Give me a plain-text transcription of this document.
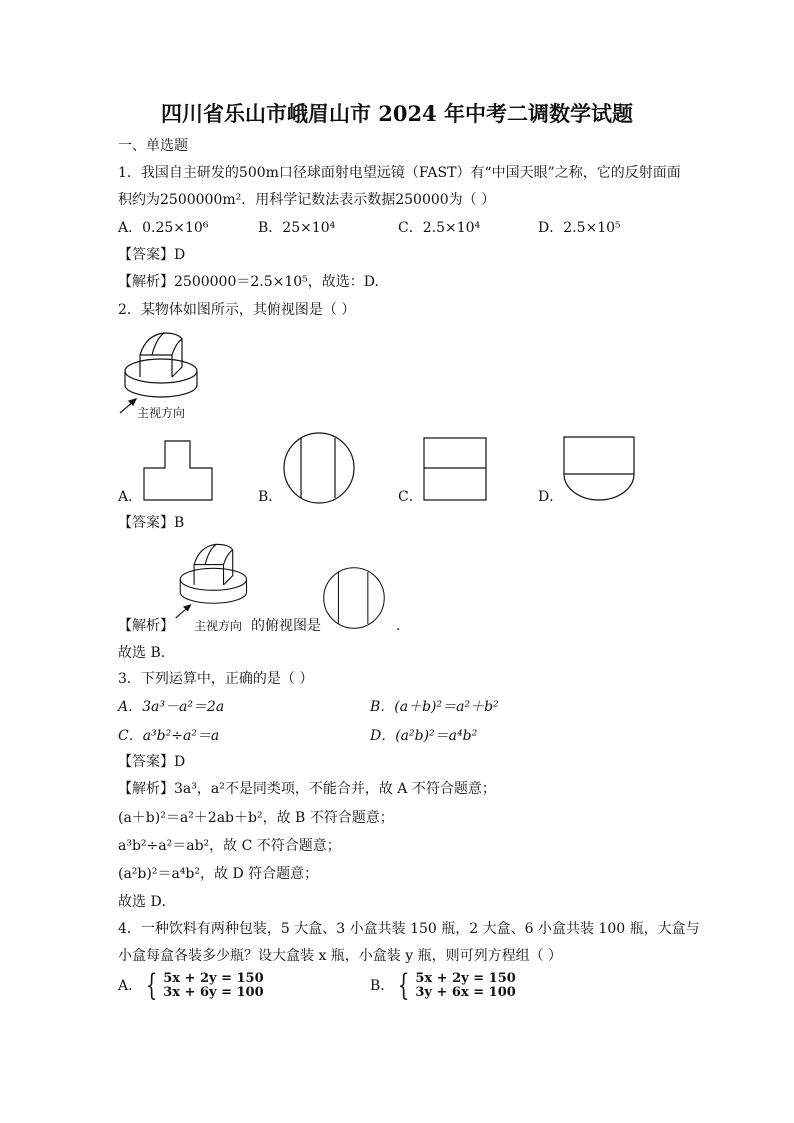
四川省乐山市峨眉山市 2024 年中考二调数学试题
一、单选题
1．我国自主研发的500m口径球面射电望远镜（FAST）有“中国天眼”之称，它的反射面面
积约为2500000m²．用科学记数法表示数据250000为（ ）
A．0.25×10⁶	B．25×10⁴	C．2.5×10⁴	D．2.5×10⁵
【答案】D
【解析】2500000＝2.5×10⁵，故选：D.
2．某物体如图所示，其俯视图是（ ）
主视方向
A．	B．	C．	D．
【答案】B
【解析】 主视方向 的俯视图是	.
故选 B．
3．下列运算中，正确的是（ ）
A．3a³－a²＝2a	B．(a＋b)²＝a²＋b²
C．a³b²÷a²＝a	D．(a²b)²＝a⁴b²
【答案】D
【解析】3a³，a²不是同类项，不能合并，故 A 不符合题意；
(a＋b)²＝a²＋2ab＋b²，故 B 不符合题意；
a³b²÷a²＝ab²，故 C 不符合题意；
(a²b)²＝a⁴b²，故 D 符合题意；
故选 D．
4．一种饮料有两种包装，5 大盒、3 小盒共装 150 瓶，2 大盒、6 小盒共装 100 瓶，大盒与
小盒每盒各装多少瓶？设大盒装 x 瓶，小盒装 y 瓶，则可列方程组（ ）
A． { 5x + 2y = 150
3x + 6y = 100	B． { 5x + 2y = 150
3y + 6x = 100
